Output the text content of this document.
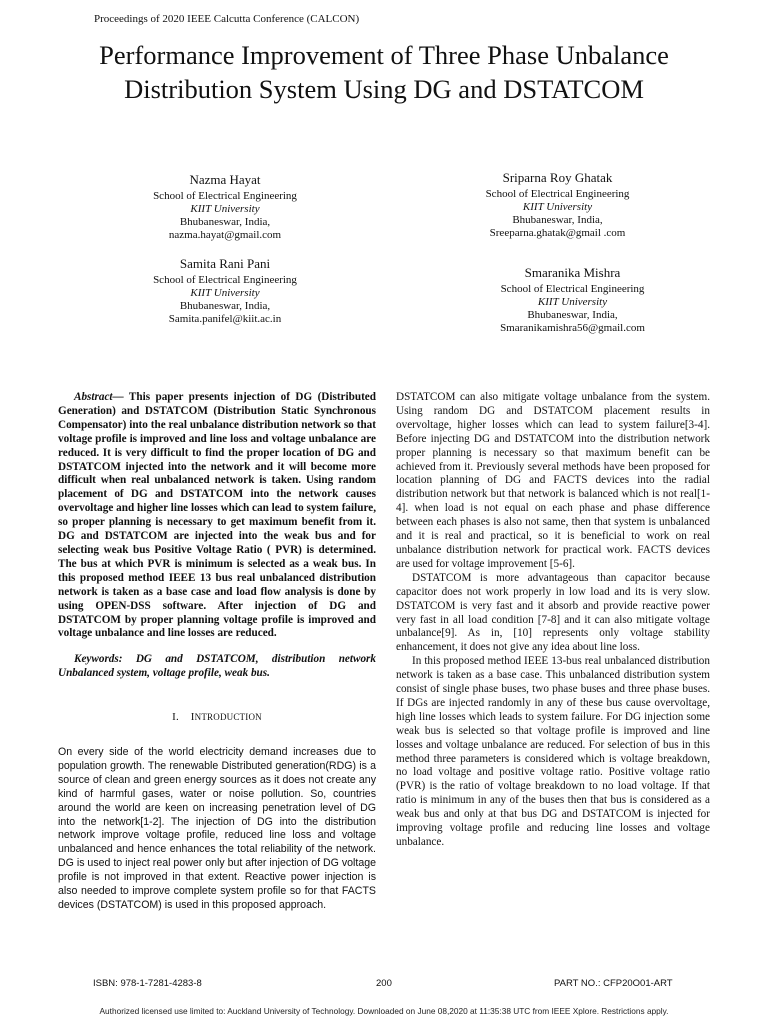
Proceedings of 2020 IEEE Calcutta Conference (CALCON)
Performance Improvement of Three Phase Unbalance Distribution System Using DG and DSTATCOM
Nazma Hayat
School of Electrical Engineering
KIIT University
Bhubaneswar, India,
nazma.hayat@gmail.com
Sriparna Roy Ghatak
School of Electrical Engineering
KIIT University
Bhubaneswar, India,
Sreeparna.ghatak@gmail .com
Samita Rani Pani
School of Electrical Engineering
KIIT University
Bhubaneswar, India,
Samita.panifel@kiit.ac.in
Smaranika Mishra
School of Electrical Engineering
KIIT University
Bhubaneswar, India,
Smaranikamishra56@gmail.com

Abstract— This paper presents injection of DG (Distributed Generation) and DSTATCOM (Distribution Static Synchronous Compensator) into the real unbalance distribution network so that voltage profile is improved and line loss and voltage unbalance are reduced. It is very difficult to find the proper location of DG and DSTATCOM injected into the network and it will become more difficult when real unbalanced network is taken. Using random placement of DG and DSTATCOM into the network causes overvoltage and higher line losses which can lead to system failure, so proper planning is necessary to get maximum benefit from it. DG and DSTATCOM are injected into the weak bus and for selecting weak bus Positive Voltage Ratio ( PVR) is determined. The bus at which PVR is minimum is selected as a weak bus. In this proposed method IEEE 13 bus real unbalanced distribution network is taken as a base case and load flow analysis is done by using OPEN-DSS software. After injection of DG and DSTATCOM by proper planning voltage profile is improved and voltage unbalance and line losses are reduced.

Keywords: DG and DSTATCOM, distribution network Unbalanced system, voltage profile, weak bus.

I. INTRODUCTION

On every side of the world electricity demand increases due to population growth. The renewable Distributed generation(RDG) is a source of clean and green energy sources as it does not create any kind of harmful gases, water or noise pollution. So, countries around the world are keen on increasing penetration level of DG into the network[1-2]. The injection of DG into the distribution network improve voltage profile, reduced line loss and voltage unbalanced and hence enhances the total reliability of the network. DG is used to inject real power only but after injection of DG voltage profile is not improved in that extent. Reactive power injection is also needed to improve complete system profile so for that FACTS devices (DSTATCOM) is used in this proposed approach.

DSTATCOM can also mitigate voltage unbalance from the system. Using random DG and DSTATCOM placement results in overvoltage, higher losses which can lead to system failure[3-4]. Before injecting DG and DSTATCOM into the distribution network proper planning is necessary so that maximum benefit can be achieved from it. Previously several methods have been proposed for location planning of DG and FACTS devices into the radial distribution network but that network is balanced which is not real[1-4]. when load is not equal on each phase and phase difference between each phases is also not same, then that system is unbalanced and it is real and practical, so it is beneficial to work on real unbalance distribution network for practical work. FACTS devices are used for voltage improvement [5-6].

DSTATCOM is more advantageous than capacitor because capacitor does not work properly in low load and its is very slow. DSTATCOM is very fast and it absorb and provide reactive power very fast in all load condition [7-8] and it can also mitigate voltage unbalance[9]. As in, [10] represents only voltage stability enhancement, it does not give any idea about line loss.

In this proposed method IEEE 13-bus real unbalanced distribution network is taken as a base case. This unbalanced distribution system consist of single phase buses, two phase buses and three phase buses. If DGs are injected randomly in any of these bus cause overvoltage, high line losses which leads to system failure. For DG injection some weak bus is selected so that voltage profile is improved and line losses and voltage unbalance are reduced. For selection of bus in this method three parameters is considered which is voltage breakdown, no load voltage and positive voltage ratio. Positive voltage ratio (PVR) is the ratio of voltage breakdown to no load voltage. If that ratio is minimum in any of the buses then that bus is considered as a weak bus and only at that bus DG and DSTATCOM is injected for improving voltage profile and reducing line losses and voltage unbalance.

ISBN: 978-1-7281-4283-8	200	PART NO.: CFP20O01-ART
Authorized licensed use limited to: Auckland University of Technology. Downloaded on June 08,2020 at 11:35:38 UTC from IEEE Xplore. Restrictions apply.
